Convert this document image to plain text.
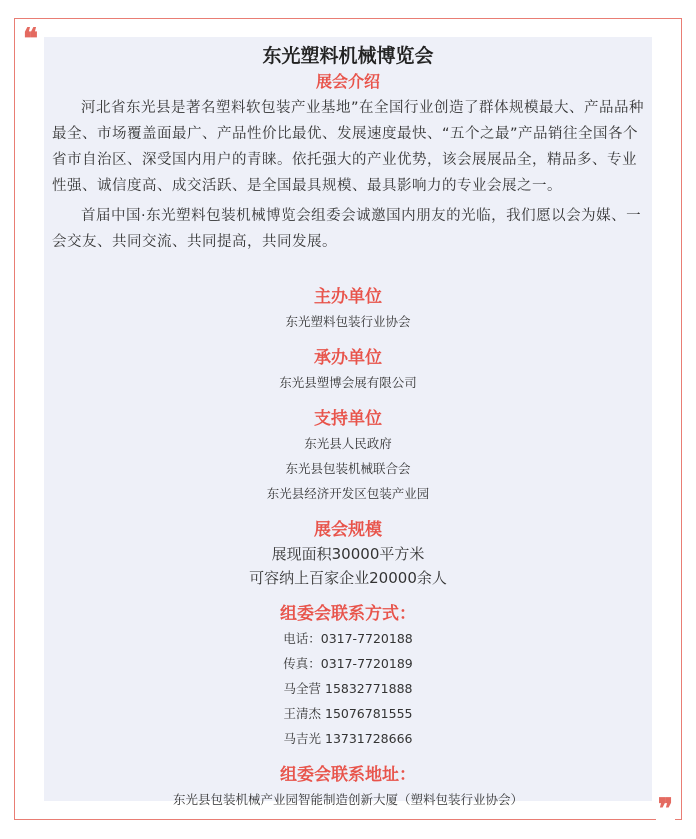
❝
❞
东光塑料机械博览会
展会介绍
河北省东光县是著名塑料软包装产业基地”在全国行业创造了群体规模最大、产品品种最全、市场覆盖面最广、产品性价比最优、发展速度最快、“五个之最”产品销往全国各个省市自治区、深受国内用户的青睐。依托强大的产业优势，该会展展品全，精品多、专业性强、诚信度高、成交活跃、是全国最具规模、最具影响力的专业会展之一。
首届中国·东光塑料包装机械博览会组委会诚邀国内朋友的光临，我们愿以会为媒、一会交友、共同交流、共同提高，共同发展。
主办单位
东光塑料包装行业协会
承办单位
东光县塑博会展有限公司
支持单位
东光县人民政府
东光县包装机械联合会
东光县经济开发区包装产业园
展会规模
展现面积30000平方米
可容纳上百家企业20000余人
组委会联系方式：
电话：0317-7720188
传真：0317-7720189
马全营 15832771888
王清杰 15076781555
马吉光 13731728666
组委会联系地址：
东光县包装机械产业园智能制造创新大厦（塑料包装行业协会）
